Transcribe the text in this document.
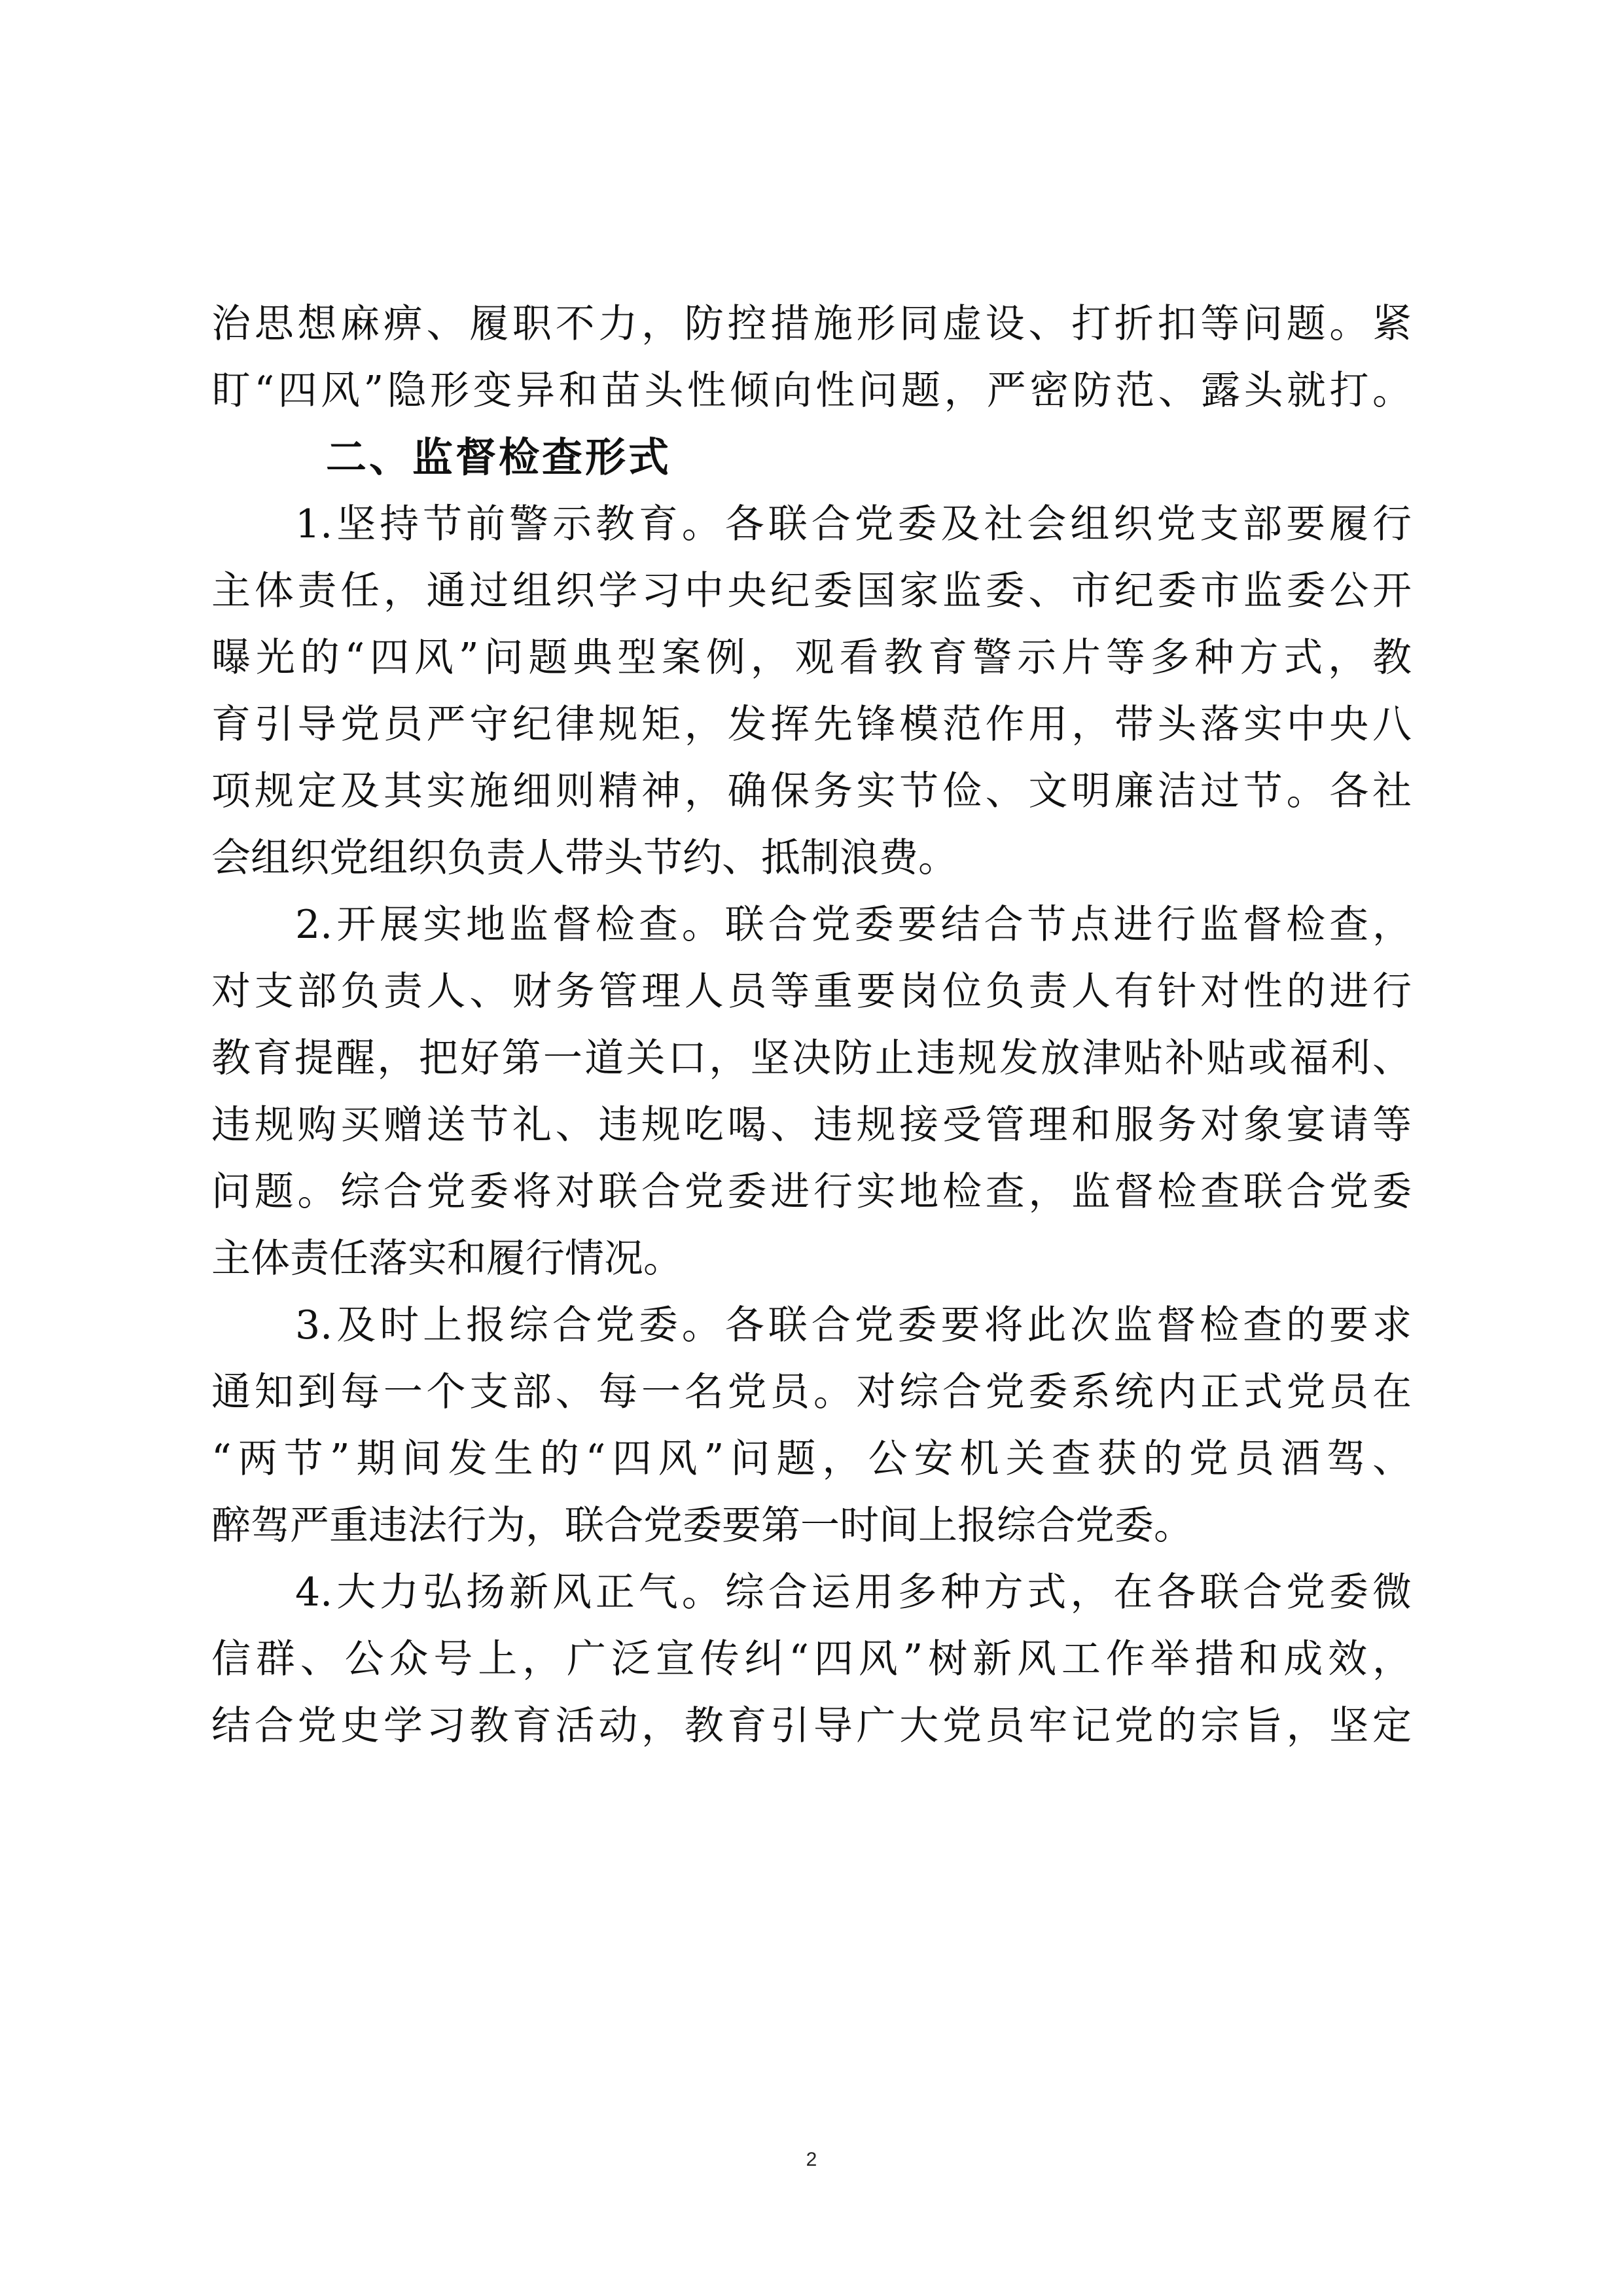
治思想麻痹、履职不力，防控措施形同虚设、打折扣等问题。紧
盯“四风”隐形变异和苗头性倾向性问题，严密防范、露头就打。
二、监督检查形式
1.坚持节前警示教育。各联合党委及社会组织党支部要履行
主体责任，通过组织学习中央纪委国家监委、市纪委市监委公开
曝光的“四风”问题典型案例，观看教育警示片等多种方式，教
育引导党员严守纪律规矩，发挥先锋模范作用，带头落实中央八
项规定及其实施细则精神，确保务实节俭、文明廉洁过节。各社
会组织党组织负责人带头节约、抵制浪费。
2.开展实地监督检查。联合党委要结合节点进行监督检查，
对支部负责人、财务管理人员等重要岗位负责人有针对性的进行
教育提醒，把好第一道关口，坚决防止违规发放津贴补贴或福利、
违规购买赠送节礼、违规吃喝、违规接受管理和服务对象宴请等
问题。综合党委将对联合党委进行实地检查，监督检查联合党委
主体责任落实和履行情况。
3.及时上报综合党委。各联合党委要将此次监督检查的要求
通知到每一个支部、每一名党员。对综合党委系统内正式党员在
“两节”期间发生的“四风”问题，公安机关查获的党员酒驾、
醉驾严重违法行为，联合党委要第一时间上报综合党委。
4.大力弘扬新风正气。综合运用多种方式，在各联合党委微
信群、公众号上，广泛宣传纠“四风”树新风工作举措和成效，
结合党史学习教育活动，教育引导广大党员牢记党的宗旨，坚定
2
